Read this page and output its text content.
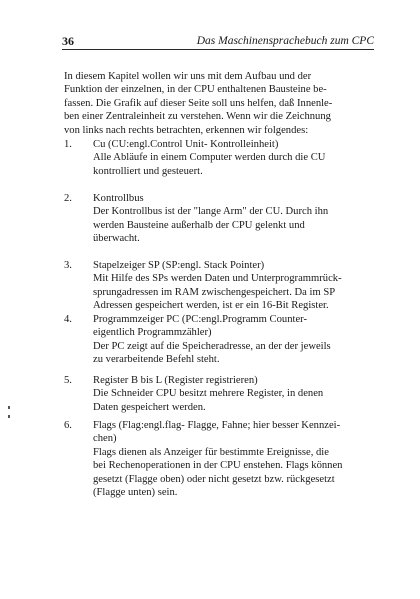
36	Das Maschinensprachebuch zum CPC
In diesem Kapitel wollen wir uns mit dem Aufbau und der
Funktion der einzelnen, in der CPU enthaltenen Bausteine be-
fassen. Die Grafik auf dieser Seite soll uns helfen, daß Innenle-
ben einer Zentraleinheit zu verstehen. Wenn wir die Zeichnung
von links nach rechts betrachten, erkennen wir folgendes:
1. Cu (CU:engl.Control Unit- Kontrolleinheit)
Alle Abläufe in einem Computer werden durch die CU
kontrolliert und gesteuert.
2. Kontrollbus
Der Kontrollbus ist der "lange Arm" der CU. Durch ihn
werden Bausteine außerhalb der CPU gelenkt und
überwacht.
3. Stapelzeiger SP (SP:engl. Stack Pointer)
Mit Hilfe des SPs werden Daten und Unterprogrammrück-
sprungadressen im RAM zwischengespeichert. Da im SP
Adressen gespeichert werden, ist er ein 16-Bit Register.
4. Programmzeiger PC (PC:engl.Programm Counter-
eigentlich Programmzähler)
Der PC zeigt auf die Speicheradresse, an der der jeweils
zu verarbeitende Befehl steht.
5. Register B bis L (Register registrieren)
Die Schneider CPU besitzt mehrere Register, in denen
Daten gespeichert werden.
6. Flags (Flag:engl.flag- Flagge, Fahne; hier besser Kennzei-
chen)
Flags dienen als Anzeiger für bestimmte Ereignisse, die
bei Rechenoperationen in der CPU enstehen. Flags können
gesetzt (Flagge oben) oder nicht gesetzt bzw. rückgesetzt
(Flagge unten) sein.
